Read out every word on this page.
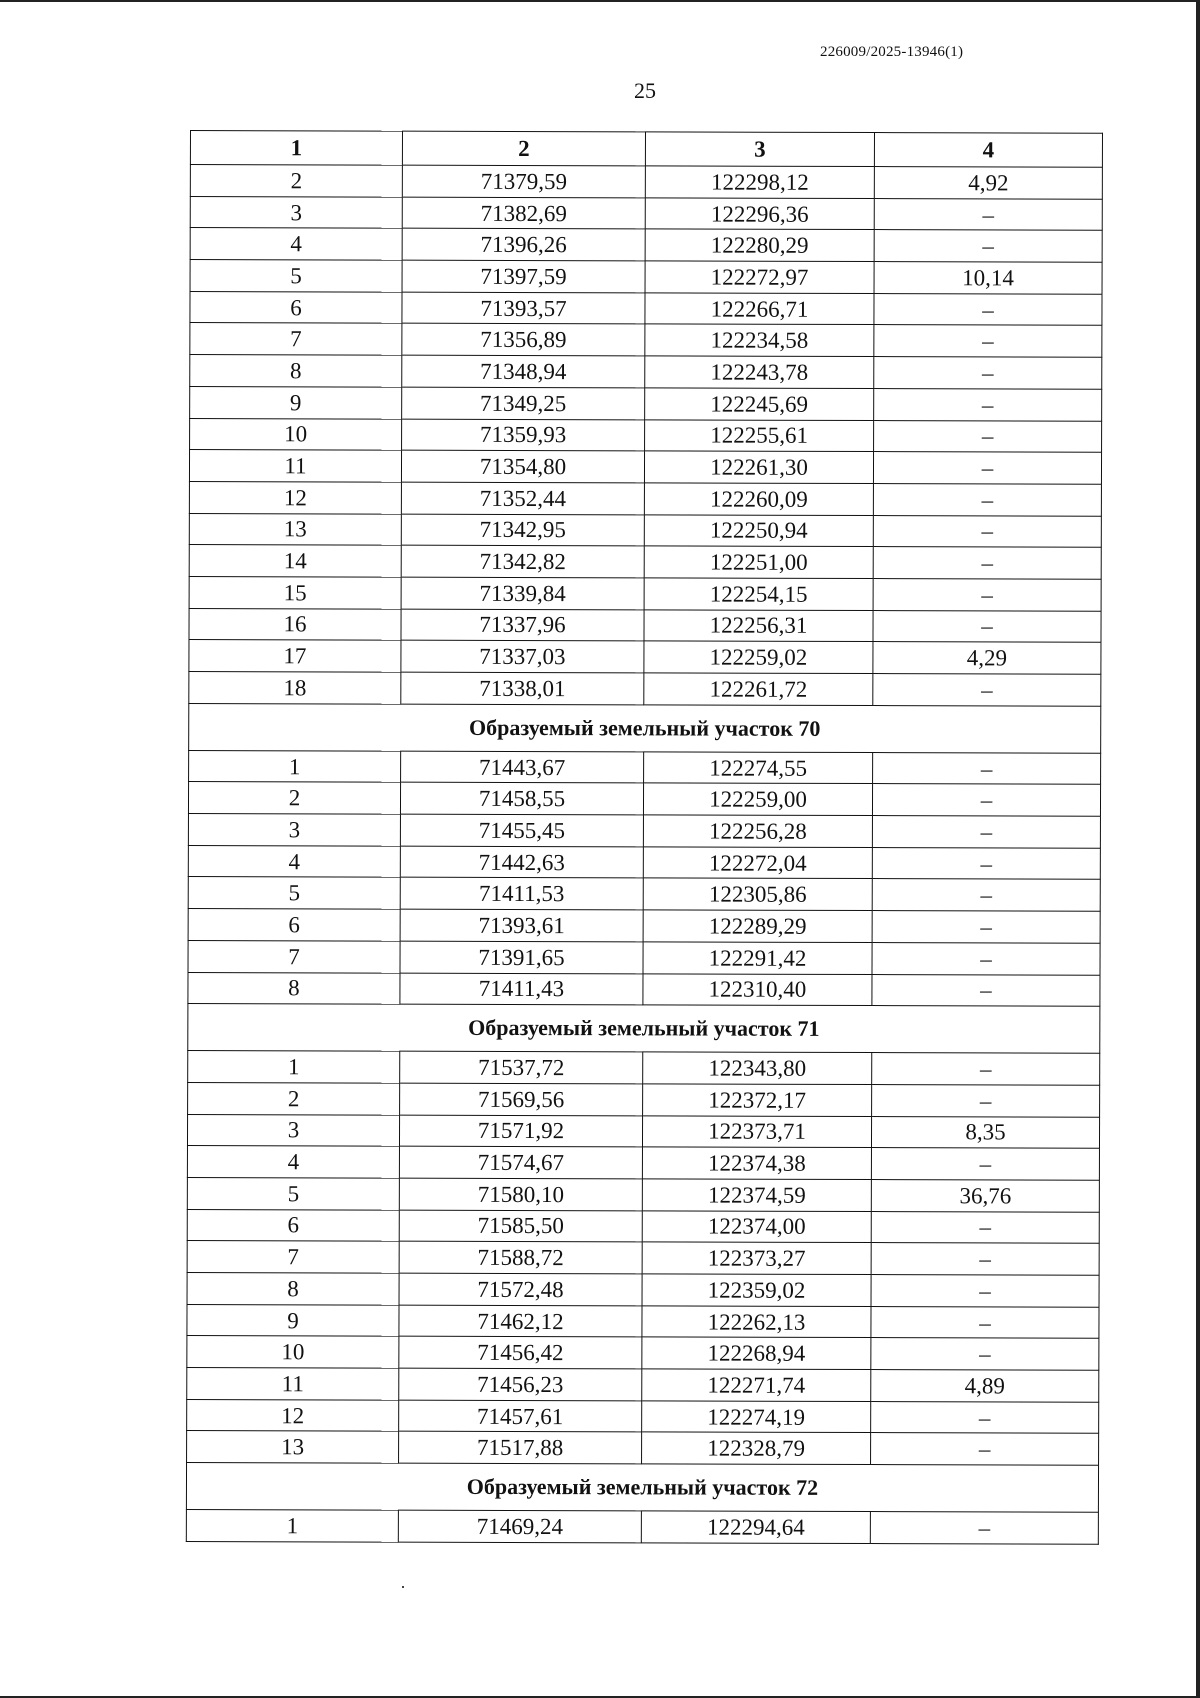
226009/2025-13946(1)
25
1	2	3	4
2	71379,59	122298,12	4,92
3	71382,69	122296,36	–
4	71396,26	122280,29	–
5	71397,59	122272,97	10,14
6	71393,57	122266,71	–
7	71356,89	122234,58	–
8	71348,94	122243,78	–
9	71349,25	122245,69	–
10	71359,93	122255,61	–
11	71354,80	122261,30	–
12	71352,44	122260,09	–
13	71342,95	122250,94	–
14	71342,82	122251,00	–
15	71339,84	122254,15	–
16	71337,96	122256,31	–
17	71337,03	122259,02	4,29
18	71338,01	122261,72	–
Образуемый земельный участок 70			
1	71443,67	122274,55	–
2	71458,55	122259,00	–
3	71455,45	122256,28	–
4	71442,63	122272,04	–
5	71411,53	122305,86	–
6	71393,61	122289,29	–
7	71391,65	122291,42	–
8	71411,43	122310,40	–
Образуемый земельный участок 71			
1	71537,72	122343,80	–
2	71569,56	122372,17	–
3	71571,92	122373,71	8,35
4	71574,67	122374,38	–
5	71580,10	122374,59	36,76
6	71585,50	122374,00	–
7	71588,72	122373,27	–
8	71572,48	122359,02	–
9	71462,12	122262,13	–
10	71456,42	122268,94	–
11	71456,23	122271,74	4,89
12	71457,61	122274,19	–
13	71517,88	122328,79	–
Образуемый земельный участок 72			
1	71469,24	122294,64	–
